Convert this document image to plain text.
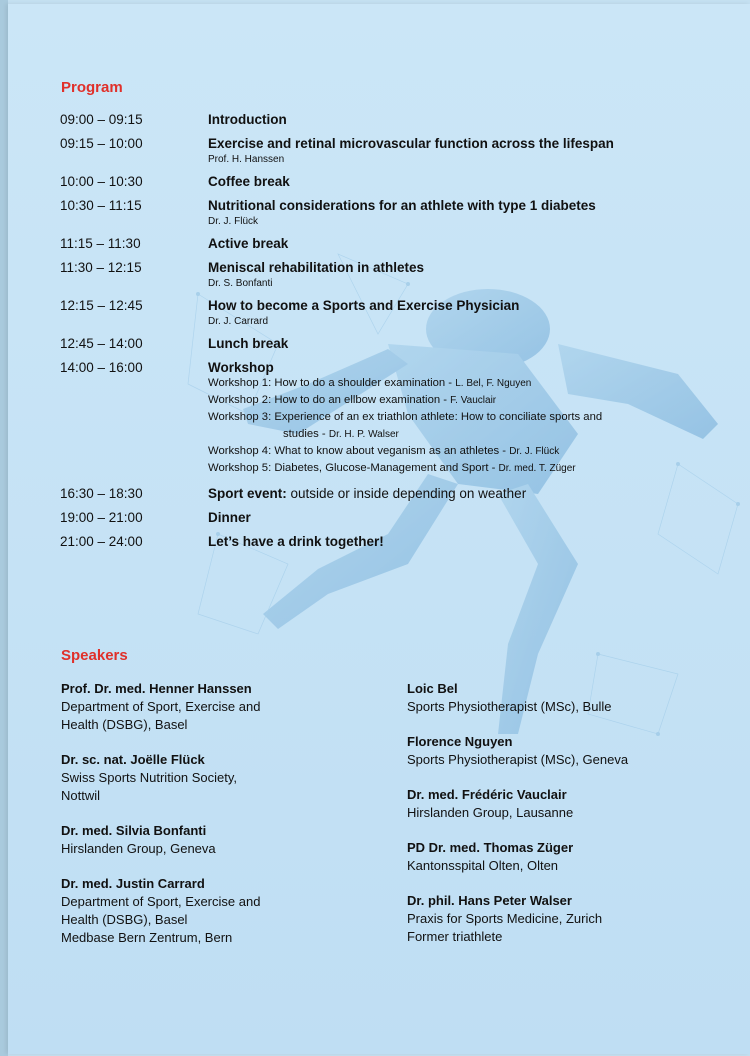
Program
09:00 – 09:15	Introduction
09:15 – 10:00	Exercise and retinal microvascular function across the lifespan
Prof. H. Hanssen
10:00 – 10:30	Coffee break
10:30 – 11:15	Nutritional considerations for an athlete with type 1 diabetes
Dr. J. Flück
11:15 – 11:30	Active break
11:30 – 12:15	Meniscal rehabilitation in athletes
Dr. S. Bonfanti
12:15 – 12:45	How to become a Sports and Exercise Physician
Dr. J. Carrard
12:45 – 14:00	Lunch break
14:00 – 16:00	Workshop
Workshop 1: How to do a shoulder examination - L. Bel, F. Nguyen
Workshop 2: How to do an ellbow examination - F. Vauclair
Workshop 3: Experience of an ex triathlon athlete: How to conciliate sports and
studies - Dr. H. P. Walser
Workshop 4: What to know about veganism as an athletes - Dr. J. Flück
Workshop 5: Diabetes, Glucose-Management and Sport - Dr. med. T. Züger
16:30 – 18:30	Sport event: outside or inside depending on weather
19:00 – 21:00	Dinner
21:00 – 24:00	Let’s have a drink together!
Speakers
Prof. Dr. med. Henner Hanssen
Department of Sport, Exercise and
Health (DSBG), Basel
Dr. sc. nat. Joëlle Flück
Swiss Sports Nutrition Society,
Nottwil
Dr. med. Silvia Bonfanti
Hirslanden Group, Geneva
Dr. med. Justin Carrard
Department of Sport, Exercise and
Health (DSBG), Basel
Medbase Bern Zentrum, Bern
Loic Bel
Sports Physiotherapist (MSc), Bulle
Florence Nguyen
Sports Physiotherapist (MSc), Geneva
Dr. med. Frédéric Vauclair
Hirslanden Group, Lausanne
PD Dr. med. Thomas Züger
Kantonsspital Olten, Olten
Dr. phil. Hans Peter Walser
Praxis for Sports Medicine, Zurich
Former triathlete
